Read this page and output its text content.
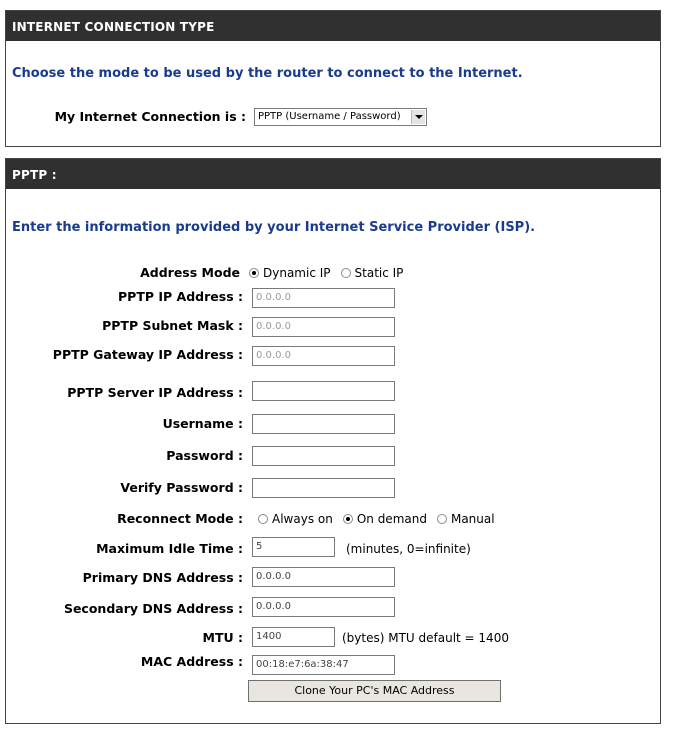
INTERNET CONNECTION TYPE
Choose the mode to be used by the router to connect to the Internet.
My Internet Connection is :	PPTP (Username / Password)
PPTP :
Enter the information provided by your Internet Service Provider (ISP).
Address Mode Dynamic IP Static IP
PPTP IP Address :	0.0.0.0
PPTP Subnet Mask :	0.0.0.0
PPTP Gateway IP Address :	0.0.0.0
PPTP Server IP Address :
Username :
Password :
Verify Password :
Reconnect Mode : Always on On demand Manual
Maximum Idle Time :	5	(minutes, 0=infinite)
Primary DNS Address :	0.0.0.0
Secondary DNS Address :	0.0.0.0
MTU :	1400	(bytes) MTU default = 1400
MAC Address :	00:18:e7:6a:38:47
Clone Your PC's MAC Address
